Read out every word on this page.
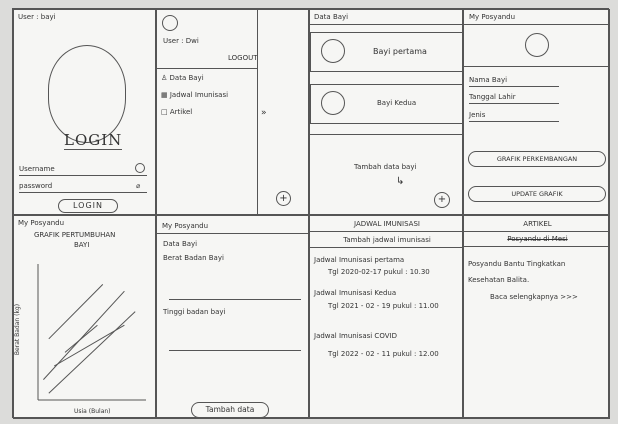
User : bayi
LOGIN
Username
password	⌀
LOGIN
User : Dwi
LOGOUT
♙ Data Bayi
▦ Jadwal Imunisasi
□ Artikel	»
+
Data Bayi
Bayi pertama
Bayi Kedua
Tambah data bayi
↳
+
My Posyandu
Nama Bayi
Tanggal Lahir
Jenis
GRAFIK PERKEMBANGAN
UPDATE GRAFIK
My Posyandu
GRAFIK PERTUMBUHAN
BAYI
Berat Badan (kg)
Usia (Bulan)
My Posyandu
Data Bayi
Berat Badan Bayi
Tinggi badan bayi
Tambah data
JADWAL IMUNISASI
Tambah jadwal imunisasi
Jadwal Imunisasi pertama
Tgl 2020-02-17 pukul : 10.30
Jadwal Imunisasi Kedua
Tgl 2021 - 02 - 19 pukul : 11.00
Jadwal Imunisasi COVID
Tgl 2022 - 02 - 11 pukul : 12.00
ARTIKEL
Posyandu di Mesi
Posyandu Bantu Tingkatkan
Kesehatan Balita.
Baca selengkapnya >>>
